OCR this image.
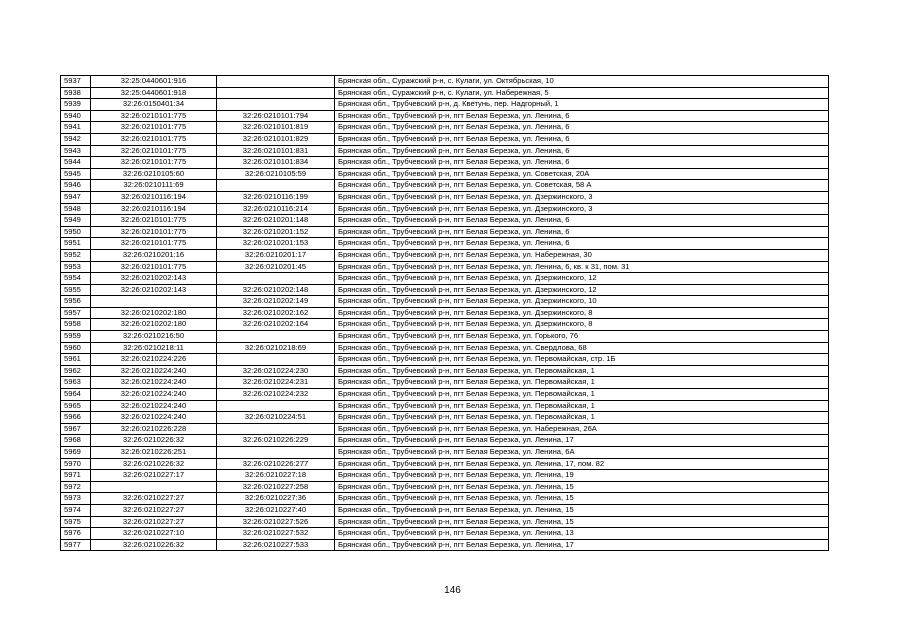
5937	32:25:0440601:916		Брянская обл., Суражский р-н, с. Кулаги, ул. Октябрьская, 10
5938	32:25:0440601:918		Брянская обл., Суражский р-н, с. Кулаги, ул. Набережная, 5
5939	32:26:0150401:34		Брянская обл., Трубчевский р-н, д. Кветунь, пер. Надгорный, 1
5940	32:26:0210101:775	32:26:0210101:794	Брянская обл., Трубчевский р-н, пгт Белая Березка, ул. Ленина, 6
5941	32:26:0210101:775	32:26:0210101:819	Брянская обл., Трубчевский р-н, пгт Белая Березка, ул. Ленина, 6
5942	32:26:0210101:775	32:26:0210101:829	Брянская обл., Трубчевский р-н, пгт Белая Березка, ул. Ленина, 6
5943	32:26:0210101:775	32:26:0210101:831	Брянская обл., Трубчевский р-н, пгт Белая Березка, ул. Ленина, 6
5944	32:26:0210101:775	32:26:0210101:834	Брянская обл., Трубчевский р-н, пгт Белая Березка, ул. Ленина, 6
5945	32:26:0210105:60	32:26:0210105:59	Брянская обл., Трубчевский р-н, пгт Белая Березка, ул. Советская, 20А
5946	32:26:0210111:69		Брянская обл., Трубчевский р-н, пгт Белая Березка, ул. Советская, 58 А
5947	32:26:0210116:194	32:26:0210116:199	Брянская обл., Трубчевский р-н, пгт Белая Березка, ул. Дзержинского, 3
5948	32:26:0210116:194	32:26:0210116:214	Брянская обл., Трубчевский р-н, пгт Белая Березка, ул. Дзержинского, 3
5949	32:26:0210101:775	32:26:0210201:148	Брянская обл., Трубчевский р-н, пгт Белая Березка, ул. Ленина, 6
5950	32:26:0210101:775	32:26:0210201:152	Брянская обл., Трубчевский р-н, пгт Белая Березка, ул. Ленина, 6
5951	32:26:0210101:775	32:26:0210201:153	Брянская обл., Трубчевский р-н, пгт Белая Березка, ул. Ленина, 6
5952	32:26:0210201:16	32:26:0210201:17	Брянская обл., Трубчевский р-н, пгт Белая Березка, ул. Набережная, 30
5953	32:26:0210101:775	32:26:0210201:45	Брянская обл., Трубчевский р-н, пгт Белая Березка, ул. Ленина, 6, кв. к 31, пом. 31
5954	32:26:0210202:143		Брянская обл., Трубчевский р-н, пгт Белая Березка, ул. Дзержинского, 12
5955	32:26:0210202:143	32:26:0210202:148	Брянская обл., Трубчевский р-н, пгт Белая Березка, ул. Дзержинского, 12
5956		32:26:0210202:149	Брянская обл., Трубчевский р-н, пгт Белая Березка, ул. Дзержинского, 10
5957	32:26:0210202:180	32:26:0210202:162	Брянская обл., Трубчевский р-н, пгт Белая Березка, ул. Дзержинского, 8
5958	32:26:0210202:180	32:26:0210202:164	Брянская обл., Трубчевский р-н, пгт Белая Березка, ул. Дзержинского, 8
5959	32:26:0210216:50		Брянская обл., Трубчевский р-н, пгт Белая Березка, ул. Горького, 76
5960	32:26:0210218:11	32:26:0210218:69	Брянская обл., Трубчевский р-н, пгт Белая Березка, ул. Свердлова, 68
5961	32:26:0210224:226		Брянская обл., Трубчевский р-н, пгт Белая Березка, ул. Первомайская, стр. 1Б
5962	32:26:0210224:240	32:26:0210224:230	Брянская обл., Трубчевский р-н, пгт Белая Березка, ул. Первомайская, 1
5963	32:26:0210224:240	32:26:0210224:231	Брянская обл., Трубчевский р-н, пгт Белая Березка, ул. Первомайская, 1
5964	32:26:0210224:240	32:26:0210224:232	Брянская обл., Трубчевский р-н, пгт Белая Березка, ул. Первомайская, 1
5965	32:26:0210224:240		Брянская обл., Трубчевский р-н, пгт Белая Березка, ул. Первомайская, 1
5966	32:26:0210224:240	32:26:0210224:51	Брянская обл., Трубчевский р-н, пгт Белая Березка, ул. Первомайская, 1
5967	32:26:0210226:228		Брянская обл., Трубчевский р-н, пгт Белая Березка, ул. Набережная, 26А
5968	32:26:0210226:32	32:26:0210226:229	Брянская обл., Трубчевский р-н, пгт Белая Березка, ул. Ленина, 17
5969	32:26:0210226:251		Брянская обл., Трубчевский р-н, пгт Белая Березка, ул. Ленина, 6А
5970	32:26:0210226:32	32:26:0210226:277	Брянская обл., Трубчевский р-н, пгт Белая Березка, ул. Ленина, 17, пом. 82
5971	32:26:0210227:17	32:26:0210227:18	Брянская обл., Трубчевский р-н, пгт Белая Березка, ул. Ленина, 19
5972		32:26:0210227:258	Брянская обл., Трубчевский р-н, пгт Белая Березка, ул. Ленина, 15
5973	32:26:0210227:27	32:26:0210227:36	Брянская обл., Трубчевский р-н, пгт Белая Березка, ул. Ленина, 15
5974	32:26:0210227:27	32:26:0210227:40	Брянская обл., Трубчевский р-н, пгт Белая Березка, ул. Ленина, 15
5975	32:26:0210227:27	32:26:0210227:526	Брянская обл., Трубчевский р-н, пгт Белая Березка, ул. Ленина, 15
5976	32:26:0210227:10	32:26:0210227:532	Брянская обл., Трубчевский р-н, пгт Белая Березка, ул. Ленина, 13
5977	32:26:0210226:32	32:26:0210227:533	Брянская обл., Трубчевский р-н, пгт Белая Березка, ул. Ленина, 17
146
